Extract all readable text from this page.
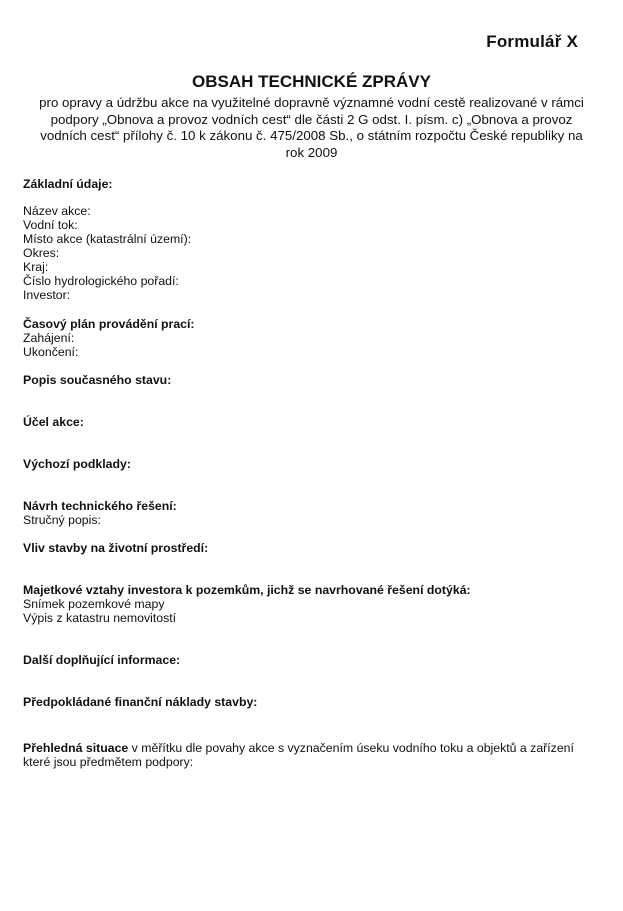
Formulář X
OBSAH TECHNICKÉ ZPRÁVY
pro opravy a údržbu akce na využitelné dopravně významné vodní cestě realizované v rámci
podpory „Obnova a provoz vodních cest“ dle části 2 G odst. I. písm. c) „Obnova a provoz
vodních cest“ přílohy č. 10 k zákonu č. 475/2008 Sb., o státním rozpočtu České republiky na
rok 2009
Základní údaje:
Název akce:
Vodní tok:
Místo akce (katastrální území):
Okres:
Kraj:
Číslo hydrologického pořadí:
Investor:
Časový plán provádění prací:
Zahájení:
Ukončení:
Popis současného stavu:
Účel akce:
Výchozí podklady:
Návrh technického řešení:
Stručný popis:
Vliv stavby na životní prostředí:
Majetkové vztahy investora k pozemkům, jichž se navrhované řešení dotýká:
Snímek pozemkové mapy
Výpis z katastru nemovitostí
Další doplňující informace:
Předpokládané finanční náklady stavby:
Přehledná situace v měřítku dle povahy akce s vyznačením úseku vodního toku a objektů a zařízení
které jsou předmětem podpory:
